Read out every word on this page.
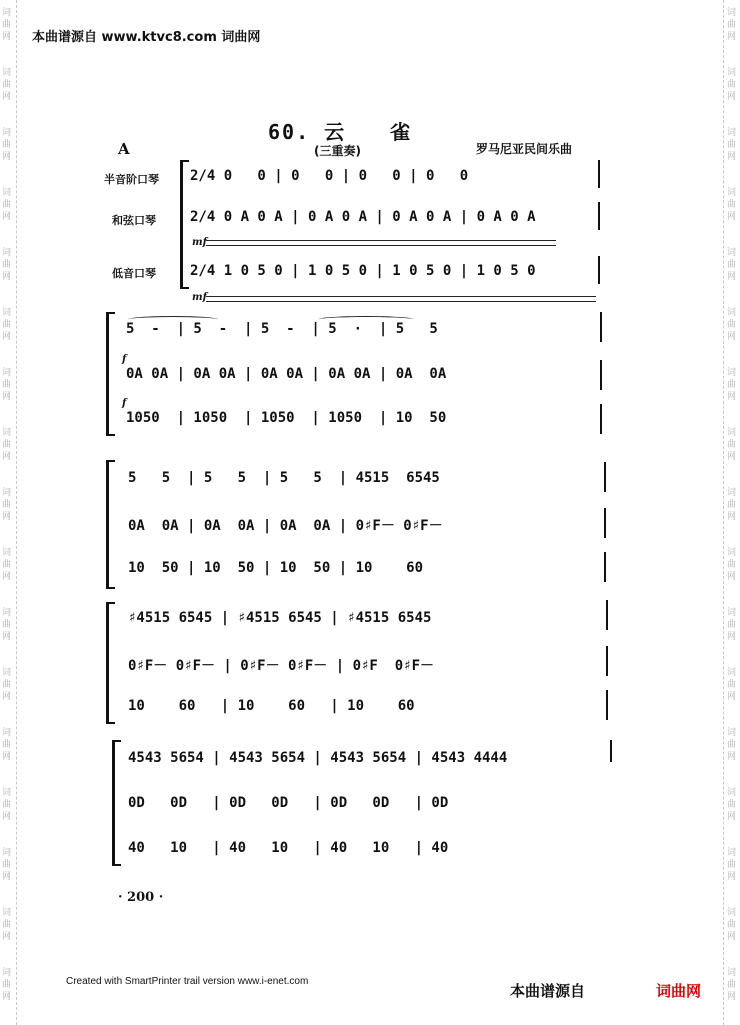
词
曲
网
词
曲
网
词
曲
网
词
曲
网
词
曲
网
词
曲
网
词
曲
网
词
曲
网
词
曲
网
词
曲
网
词
曲
网
词
曲
网
词
曲
网
词
曲
网
词
曲
网
词
曲
网
词
曲
网
词
曲
网
词
曲
网
词
曲
网
词
曲
网
词
曲
网
词
曲
网
词
曲
网
词
曲
网
词
曲
网
词
曲
网
词
曲
网
词
曲
网
词
曲
网
词
曲
网
词
曲
网
词
曲
网
词
曲
网
本曲谱源自 www.ktvc8.com 词曲网
60. 云　　雀
(三重奏)	罗马尼亚民间乐曲
A
半音阶口琴
和弦口琴
低音口琴
mf
mf
f
f
2/4 0   0 | 0   0 | 0   0 | 0   0
2/4 0 A 0 A | 0 A 0 A | 0 A 0 A | 0 A 0 A
2/4 1 0 5 0 | 1 0 5 0 | 1 0 5 0 | 1 0 5 0
5  -  | 5  -  | 5  -  | 5  ·  | 5   5
0A 0A | 0A 0A | 0A 0A | 0A 0A | 0A  0A
1050  | 1050  | 1050  | 1050  | 10  50
5   5  | 5   5  | 5   5  | 4515  6545
0A  0A | 0A  0A | 0A  0A | 0♯F－ 0♯F－
10  50 | 10  50 | 10  50 | 10    60
♯4515 6545 | ♯4515 6545 | ♯4515 6545
0♯F－ 0♯F－ | 0♯F－ 0♯F－ | 0♯F  0♯F－
10    60   | 10    60   | 10    60
4543 5654 | 4543 5654 | 4543 5654 | 4543 4444
0D   0D   | 0D   0D   | 0D   0D   | 0D
40   10   | 40   10   | 40   10   | 40
· 200 ·
Created with SmartPrinter trail version www.i-enet.com
本曲谱源自	词曲网
